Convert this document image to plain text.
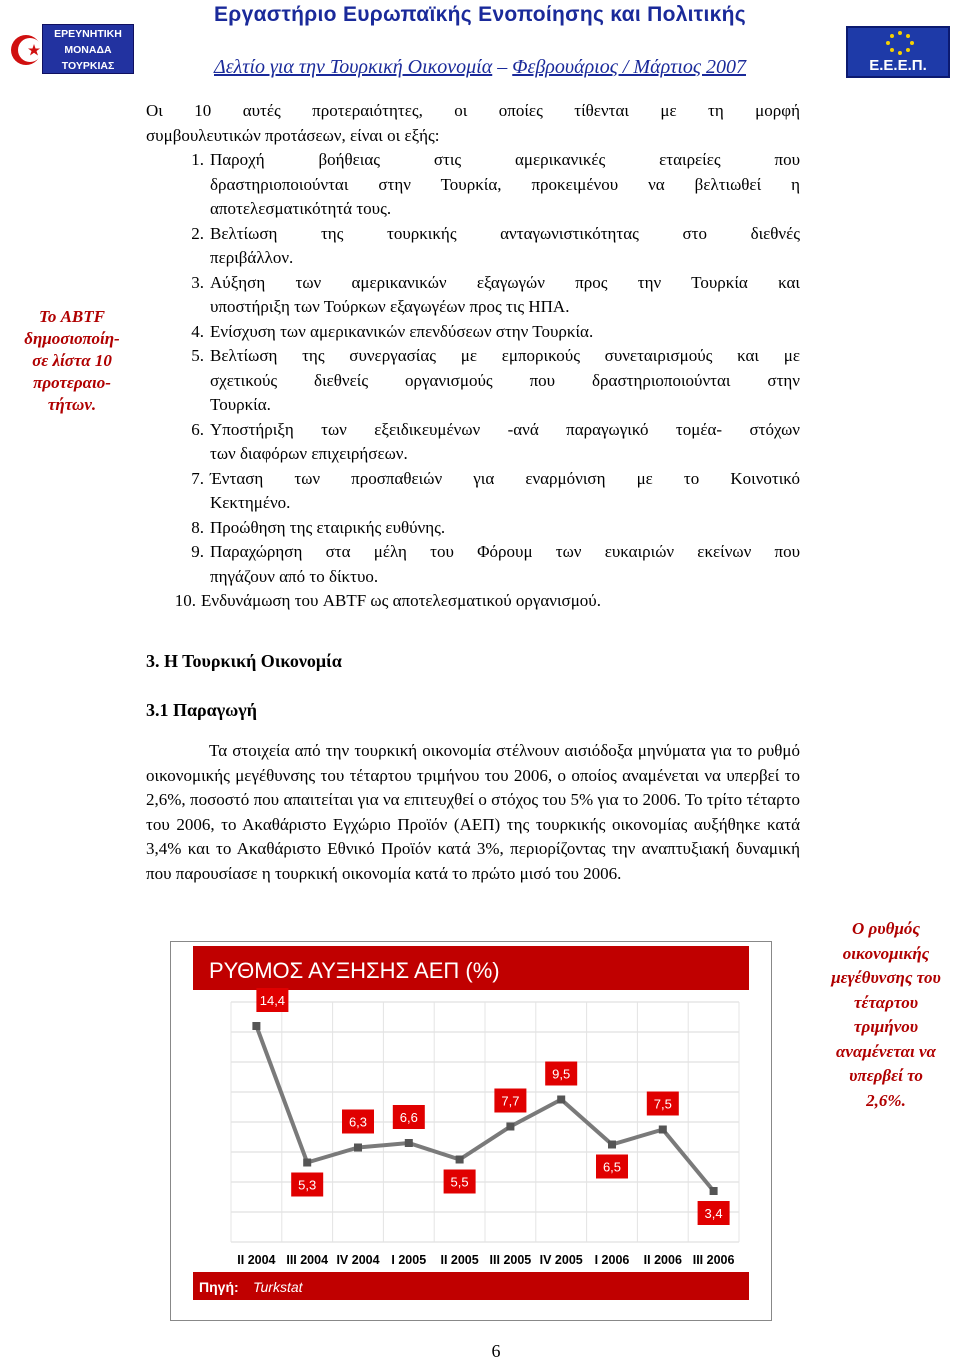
ΕΡΕΥΝΗΤΙΚΗ
ΜΟΝΑΔΑ
ΤΟΥΡΚΙΑΣ
Εργαστήριο Ευρωπαϊκής Ενοποίησης και Πολιτικής
Δελτίο για την Τουρκική Οικονομία – Φεβρουάριος / Μάρτιος 2007	Ε.Ε.Ε.Π.
Το ABTF
δημοσιοποίη-
σε λίστα 10
προτεραιο-
τήτων.
Ο ρυθμός
οικονομικής
μεγέθυνσης του
τέταρτου
τριμήνου
αναμένεται να
υπερβεί το
2,6%.
Οι 10 αυτές προτεραιότητες, οι οποίες τίθενται με τη μορφή
συμβουλευτικών προτάσεων, είναι οι εξής:
1. Παροχή βοήθειας στις αμερικανικές εταιρείες που
δραστηριοποιούνται στην Τουρκία, προκειμένου να βελτιωθεί η
αποτελεσματικότητά τους.
2. Βελτίωση της τουρκικής ανταγωνιστικότητας στο διεθνές
περιβάλλον.
3. Αύξηση των αμερικανικών εξαγωγών προς την Τουρκία και
υποστήριξη των Τούρκων εξαγωγέων προς τις ΗΠΑ.
4. Ενίσχυση των αμερικανικών επενδύσεων στην Τουρκία.
5. Βελτίωση της συνεργασίας με εμπορικούς συνεταιρισμούς και με
σχετικούς διεθνείς οργανισμούς που δραστηριοποιούνται στην
Τουρκία.
6. Υποστήριξη των εξειδικευμένων -ανά παραγωγικό τομέα- στόχων
των διαφόρων επιχειρήσεων.
7. Ένταση των προσπαθειών για εναρμόνιση με το Κοινοτικό
Κεκτημένο.
8. Προώθηση της εταιρικής ευθύνης.
9. Παραχώρηση στα μέλη του Φόρουμ των ευκαιριών εκείνων που
πηγάζουν από το δίκτυο.
10. Ενδυνάμωση του ABTF ως αποτελεσματικού οργανισμού.
3. Η Τουρκική Οικονομία
3.1 Παραγωγή
Τα στοιχεία από την τουρκική οικονομία στέλνουν αισιόδοξα μηνύματα για το ρυθμό οικονομικής μεγέθυνσης του τέταρτου τριμήνου του 2006, ο οποίος αναμένεται να υπερβεί το 2,6%, ποσοστό που απαιτείται για να επιτευχθεί ο στόχος του 5% για το 2006. Το τρίτο τέταρτο του 2006, το Ακαθάριστο Εγχώριο Προϊόν (ΑΕΠ) της τουρκικής οικονομίας αυξήθηκε κατά 3,4% και το Ακαθάριστο Εθνικό Προϊόν κατά 3%, περιορίζοντας την αναπτυξιακή δυναμική που παρουσίασε η τουρκική οικονομία κατά το πρώτο μισό του 2006.
ΡΥΘΜΟΣ ΑΥΞΗΣΗΣ ΑΕΠ (%)
14,4
5,3
6,3	6,6
5,5
7,7
9,5
6,5
7,5
3,4
II 2004 III 2004 IV 2004 I 2005 II 2005 III 2005 IV 2005 I 2006 II 2006 III 2006
Πηγή: Turkstat
6
